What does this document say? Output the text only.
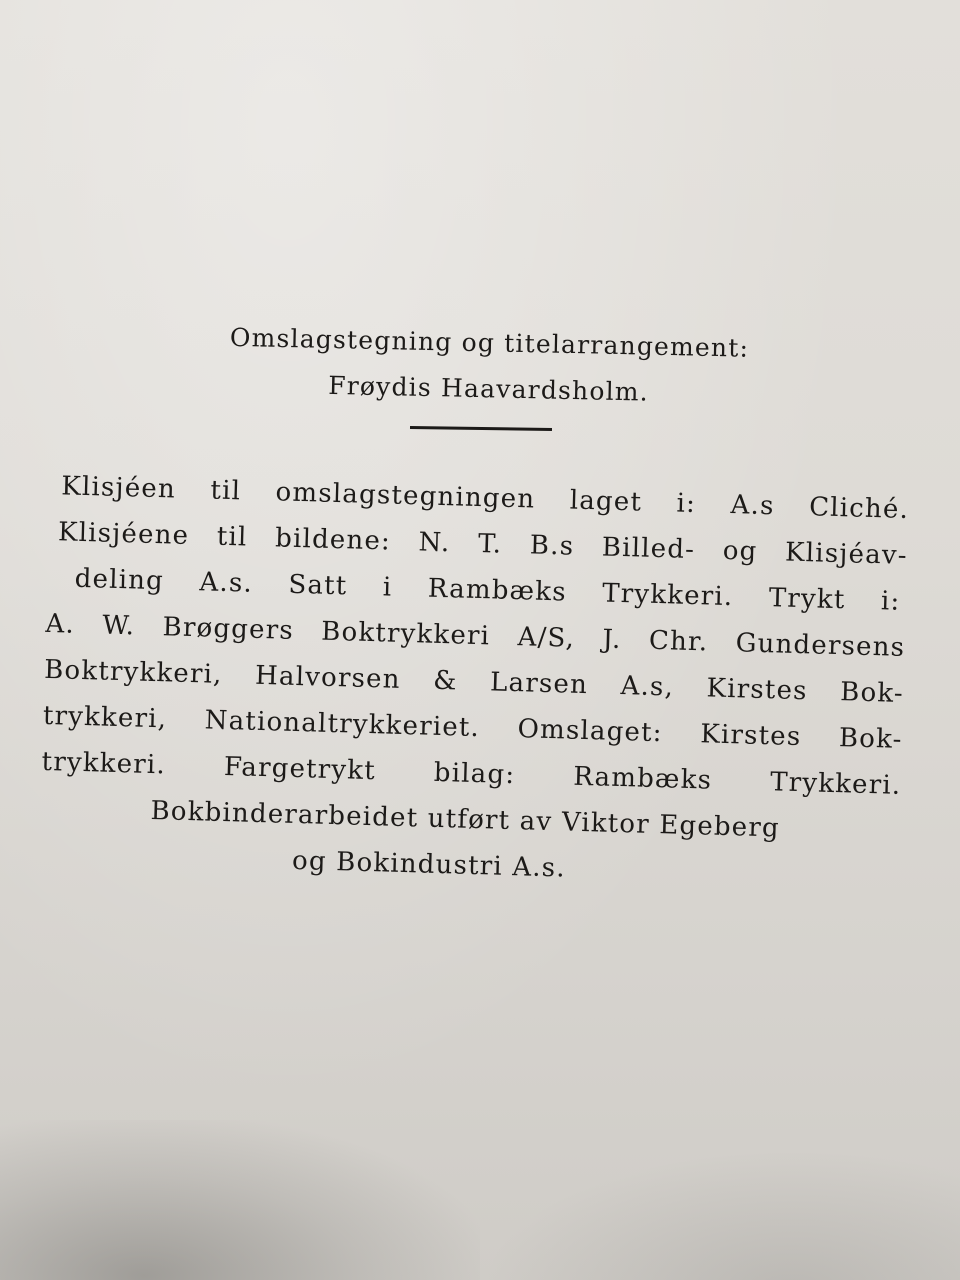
Omslagstegning og titelarrangement:
Frøydis Haavardsholm.
Klisjéen til omslagstegningen laget i: A.s Cliché.
Klisjéene til bildene: N. T. B.s Billed- og Klisjéav-
deling A.s. Satt i Rambæks Trykkeri. Trykt i:
A. W. Brøggers Boktrykkeri A/S, J. Chr. Gundersens
Boktrykkeri, Halvorsen & Larsen A.s, Kirstes Bok-
trykkeri, Nationaltrykkeriet. Omslaget: Kirstes Bok-
trykkeri. Fargetrykt bilag: Rambæks Trykkeri.
Bokbinderarbeidet utført av Viktor Egeberg
og Bokindustri A.s.
